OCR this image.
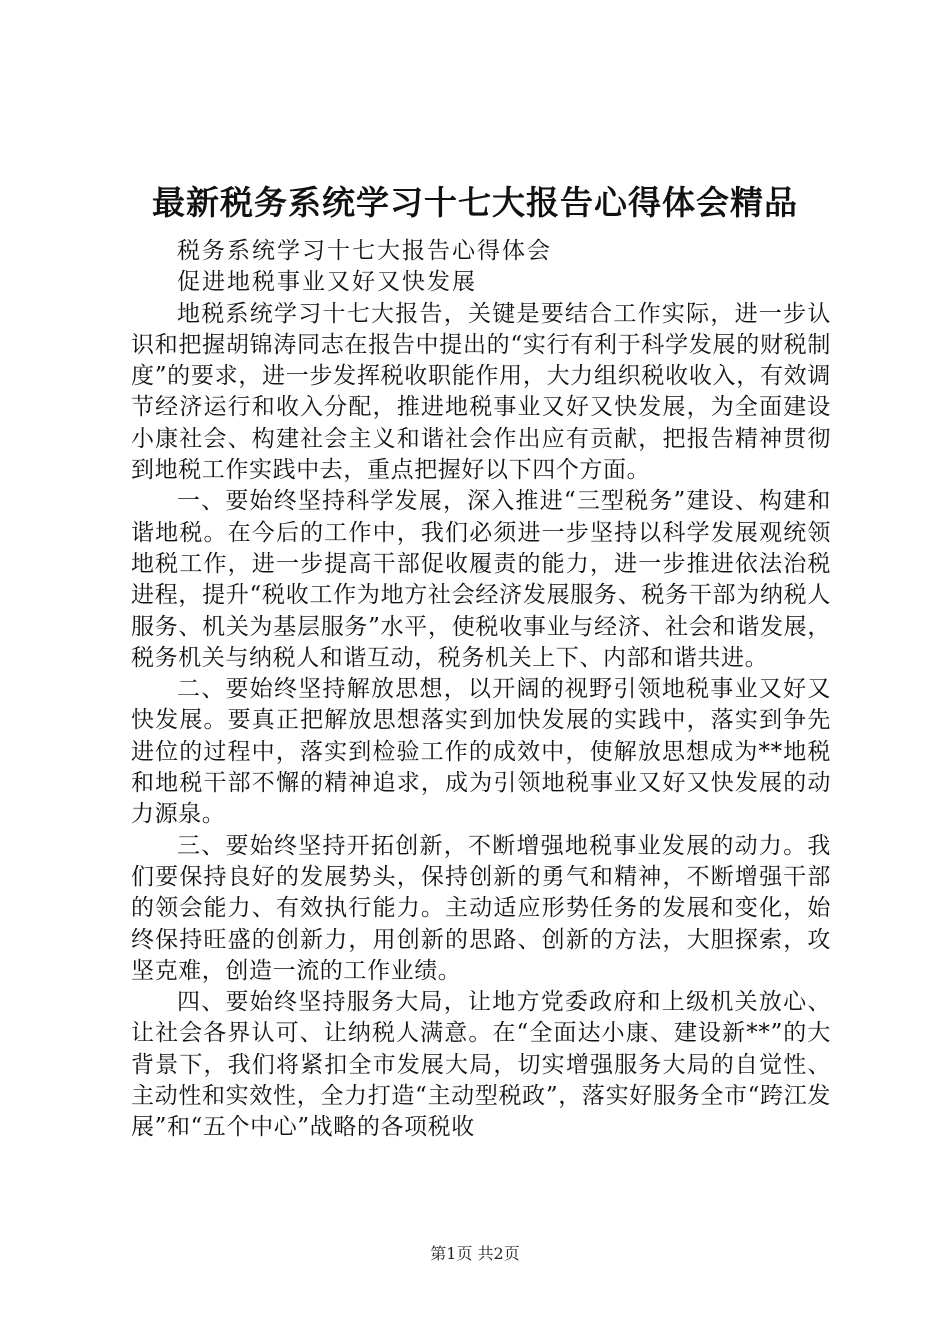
最新税务系统学习十七大报告心得体会精品

税务系统学习十七大报告心得体会

促进地税事业又好又快发展

地税系统学习十七大报告，关键是要结合工作实际，进一步认识和把握胡锦涛同志在报告中提出的“实行有利于科学发展的财税制度”的要求，进一步发挥税收职能作用，大力组织税收收入，有效调节经济运行和收入分配，推进地税事业又好又快发展，为全面建设小康社会、构建社会主义和谐社会作出应有贡献，把报告精神贯彻到地税工作实践中去，重点把握好以下四个方面。

一、要始终坚持科学发展，深入推进“三型税务”建设、构建和谐地税。在今后的工作中，我们必须进一步坚持以科学发展观统领地税工作，进一步提高干部促收履责的能力，进一步推进依法治税进程，提升“税收工作为地方社会经济发展服务、税务干部为纳税人服务、机关为基层服务”水平，使税收事业与经济、社会和谐发展，税务机关与纳税人和谐互动，税务机关上下、内部和谐共进。

二、要始终坚持解放思想，以开阔的视野引领地税事业又好又快发展。要真正把解放思想落实到加快发展的实践中，落实到争先进位的过程中，落实到检验工作的成效中，使解放思想成为**地税和地税干部不懈的精神追求，成为引领地税事业又好又快发展的动力源泉。

三、要始终坚持开拓创新，不断增强地税事业发展的动力。我们要保持良好的发展势头，保持创新的勇气和精神，不断增强干部的领会能力、有效执行能力。主动适应形势任务的发展和变化，始终保持旺盛的创新力，用创新的思路、创新的方法，大胆探索，攻坚克难，创造一流的工作业绩。

四、要始终坚持服务大局，让地方党委政府和上级机关放心、让社会各界认可、让纳税人满意。在“全面达小康、建设新**”的大背景下，我们将紧扣全市发展大局，切实增强服务大局的自觉性、主动性和实效性，全力打造“主动型税政”，落实好服务全市“跨江发展”和“五个中心”战略的各项税收

第1页 共2页
